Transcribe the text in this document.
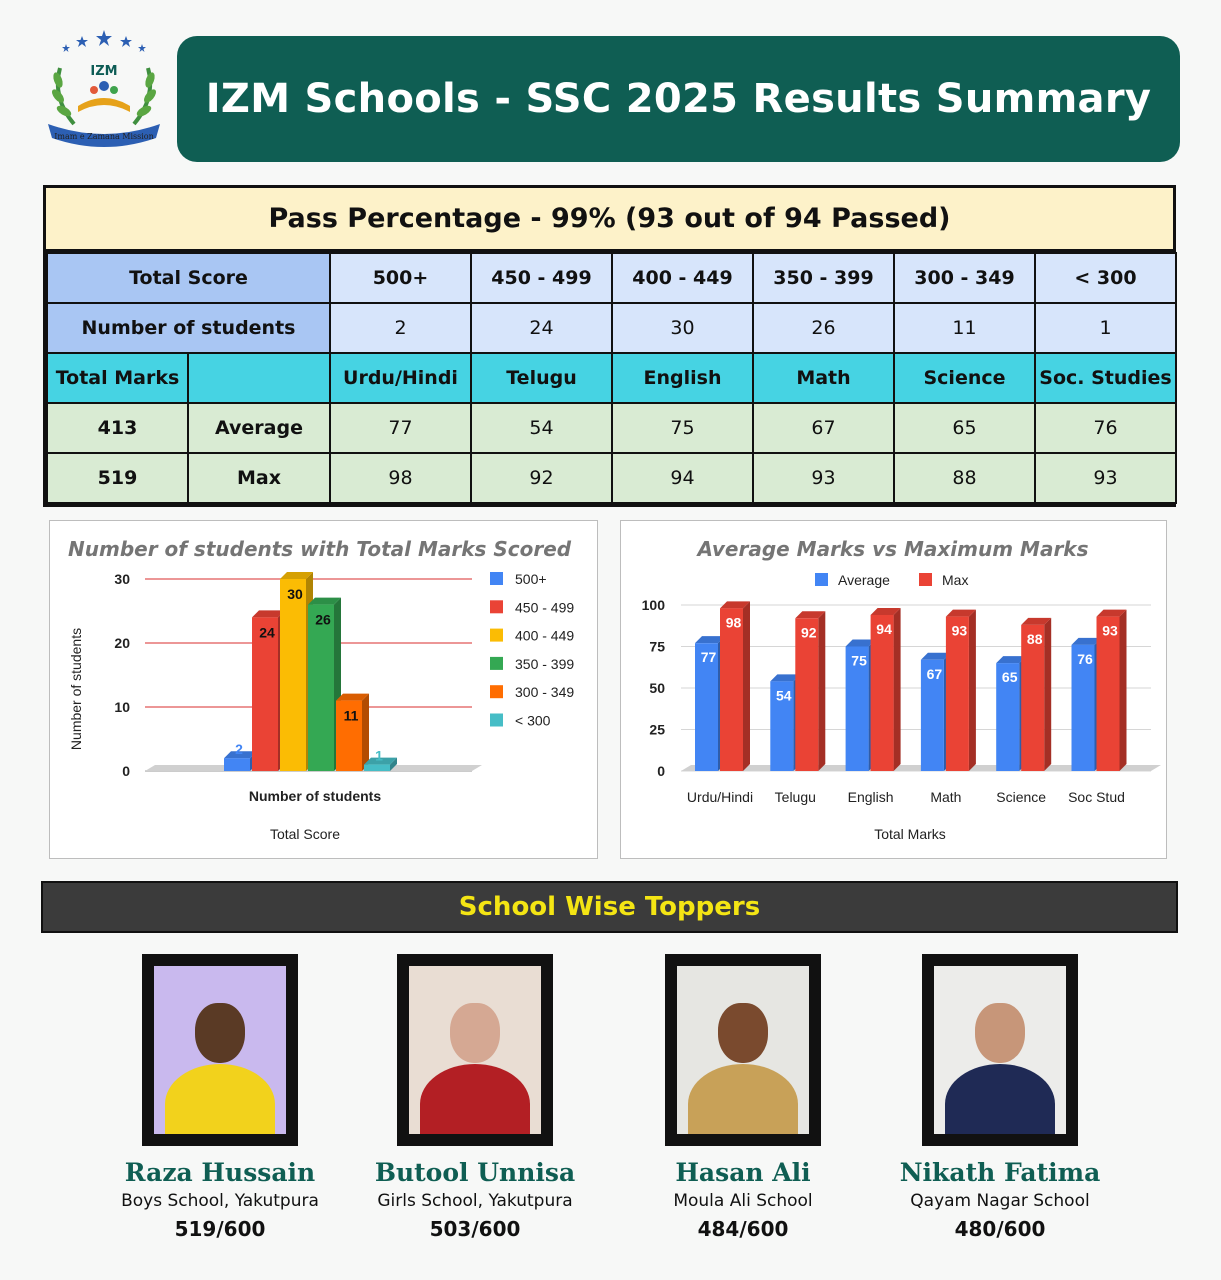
IZM
Imam e Zamana Mission
IZM Schools - SSC 2025 Results Summary
Pass Percentage - 99% (93 out of 94 Passed)
Total Score		500+	450 - 499	400 - 449	350 - 399	300 - 349	< 300
Number of students		2	24	30	26	11	1
Total Marks		Urdu/Hindi	Telugu	English	Math	Science	Soc. Studies
413	Average	77	54	75	67	65	76
519	Max	98	92	94	93	88	93
Number of students with Total Marks Scored
0
10
20
30
2
24
30
26
11
1
Number of students
Total Score
Number of students
500+
450 - 499
400 - 449
350 - 399
300 - 349
< 300
Average Marks vs Maximum Marks
Average	Max
0
25
50
75
100
77
98
Urdu/Hindi
54
92
Telugu
75
94
English
67
93
Math
65
88
Science
76
93
Soc Stud
Total Marks
School Wise Toppers
Raza Hussain
Boys School, Yakutpura
519/600
Butool Unnisa
Girls School, Yakutpura
503/600
Hasan Ali
Moula Ali School
484/600
Nikath Fatima
Qayam Nagar School
480/600
